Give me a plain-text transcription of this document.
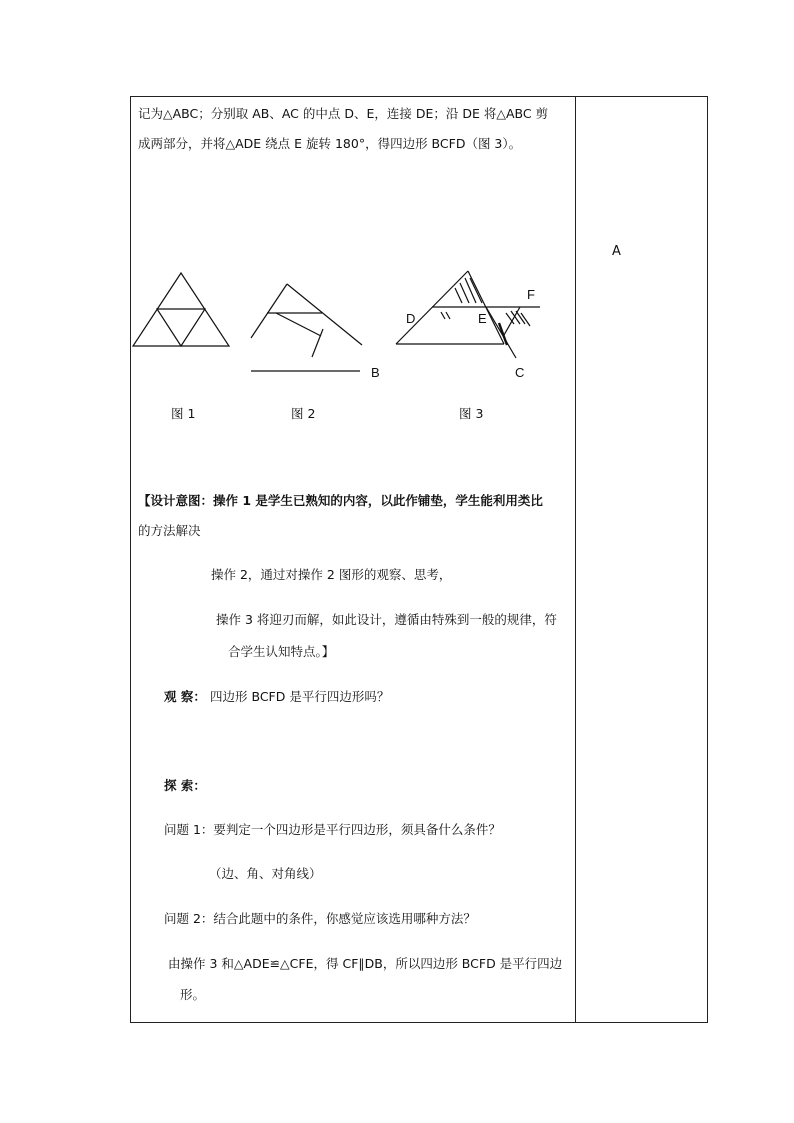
记为△ABC；分别取 AB、AC 的中点 D、E，连接 DE；沿 DE 将△ABC 剪
成两部分，并将△ADE 绕点 E 旋转 180°，得四边形 BCFD（图 3）。
A
B
D	E
F
C
图 1	图 2	图 3
【设计意图：操作 1 是学生已熟知的内容，以此作铺垫，学生能利用类比
的方法解决
操作 2，通过对操作 2 图形的观察、思考，
操作 3 将迎刃而解，如此设计，遵循由特殊到一般的规律，符
合学生认知特点。】
观 察： 四边形 BCFD 是平行四边形吗？
探 索：
问题 1：要判定一个四边形是平行四边形，须具备什么条件？
（边、角、对角线）
问题 2：结合此题中的条件，你感觉应该选用哪种方法？
由操作 3 和△ADE≌△CFE，得 CF∥DB，所以四边形 BCFD 是平行四边
形。
